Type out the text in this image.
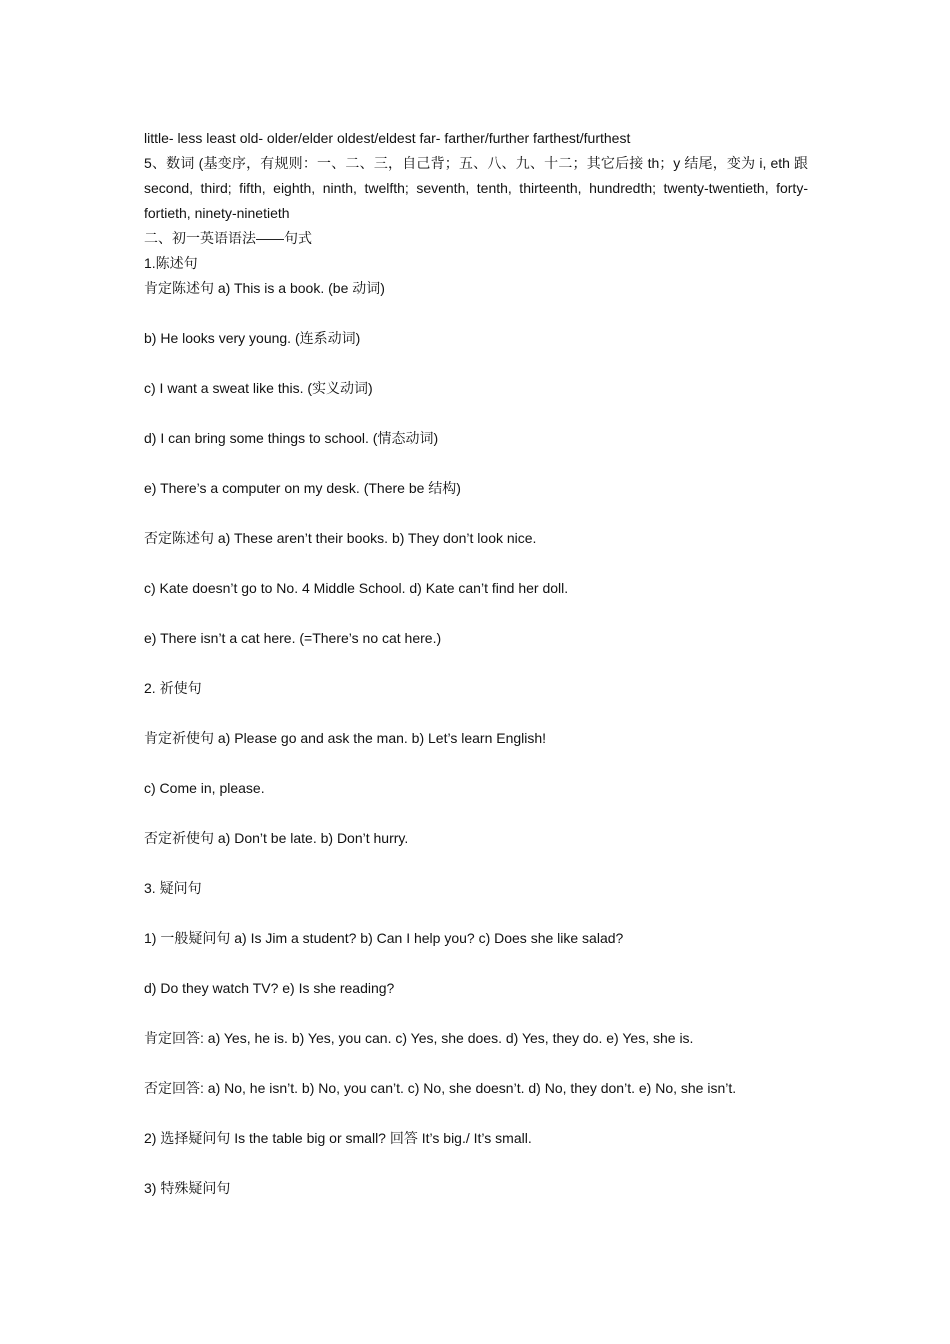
little- less least old- older/elder oldest/eldest far- farther/further farthest/furthest
5、数词 (基变序，有规则：一、二、三，自己背；五、八、九、十二；其它后接 th；y 结尾，变为 i, eth 跟
second, third; fifth, eighth, ninth, twelfth; seventh, tenth, thirteenth, hundredth; twenty-twentieth, forty-
fortieth, ninety-ninetieth
二、初一英语语法——句式
1.陈述句
肯定陈述句 a) This is a book. (be 动词)
b) He looks very young. (连系动词)
c) I want a sweat like this. (实义动词)
d) I can bring some things to school. (情态动词)
e) There’s a computer on my desk. (There be 结构)
否定陈述句 a) These aren’t their books. b) They don’t look nice.
c) Kate doesn’t go to No. 4 Middle School. d) Kate can’t find her doll.
e) There isn’t a cat here. (=There’s no cat here.)
2. 祈使句
肯定祈使句 a) Please go and ask the man. b) Let’s learn English!
c) Come in, please.
否定祈使句 a) Don’t be late. b) Don’t hurry.
3. 疑问句
1) 一般疑问句 a) Is Jim a student? b) Can I help you? c) Does she like salad?
d) Do they watch TV? e) Is she reading?
肯定回答: a) Yes, he is. b) Yes, you can. c) Yes, she does. d) Yes, they do. e) Yes, she is.
否定回答: a) No, he isn’t. b) No, you can’t. c) No, she doesn’t. d) No, they don’t. e) No, she isn’t.
2) 选择疑问句 Is the table big or small? 回答 It’s big./ It’s small.
3) 特殊疑问句
